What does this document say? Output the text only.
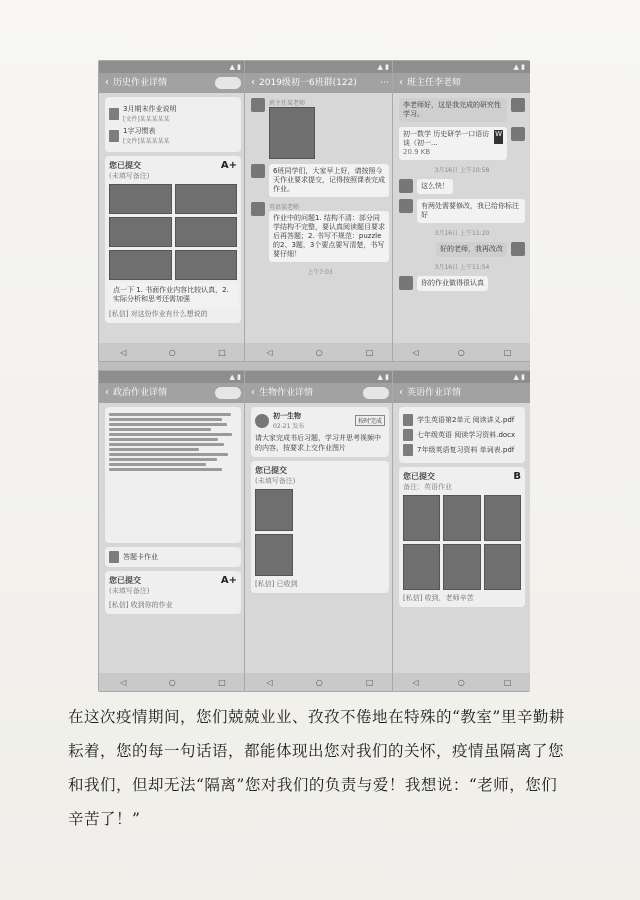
▲ ▮
‹ 历史作业详情
3月期末作业说明
[文件]某某某某某
1字习惯表
[文件]某某某某某
您已提交	A+
(未填写备注)
点一下 1. 书面作业内容比较认真，2. 实际分析和思考还需加强
[私信] 对这份作业有什么想说的
◁	○	□
▲ ▮
‹ 2019级初一6班群(122)	⋯
班主任某老师
6班同学们，大家早上好，请按照今天作业要求提交，记得按照课表完成作业。
英语某老师
作业中的问题1. 结构不清：部分同学结构不完整，要认真阅读题目要求后再答题；2. 书写不规范：puzzle的2、3题，3个要点要写清楚，书写要仔细！
上午7:03
◁	○	□
▲ ▮
‹ 班主任李老师
李老师好，这是我完成的研究性学习。
初一数学 历史研学一口语访谈（初一...
20.9 KB
W
3月16日 上午10:58
这么快！
有两处需要修改，我已给你标注好
3月16日 上午11:20
好的老师，我再改改
3月16日 上午11:54
你的作业做得很认真
◁	○	□
▲ ▮
‹ 政治作业详情
答题卡作业
您已提交	A+
(未填写备注)
[私信] 收到你的作业
◁	○	□
▲ ▮
‹ 生物作业详情
初一生物
02-21 发布
按时完成
请大家完成书后习题，学习并思考视频中的内容，按要求上交作业图片
您已提交
(未填写备注)
[私信] 已收到
◁	○	□
▲ ▮
‹ 英语作业详情
学生英语第2单元 阅读讲义.pdf
七年级英语 阅读学习资料.docx
7年级英语复习资料 单词表.pdf
您已提交	B
备注：英语作业
[私信] 收到，老师辛苦
◁	○	□
在这次疫情期间，您们兢兢业业、孜孜不倦地在特殊的“教室”里辛勤耕耘着，您的每一句话语，都能体现出您对我们的关怀，疫情虽隔离了您和我们，但却无法“隔离”您对我们的负责与爱！我想说：“老师，您们辛苦了！”
